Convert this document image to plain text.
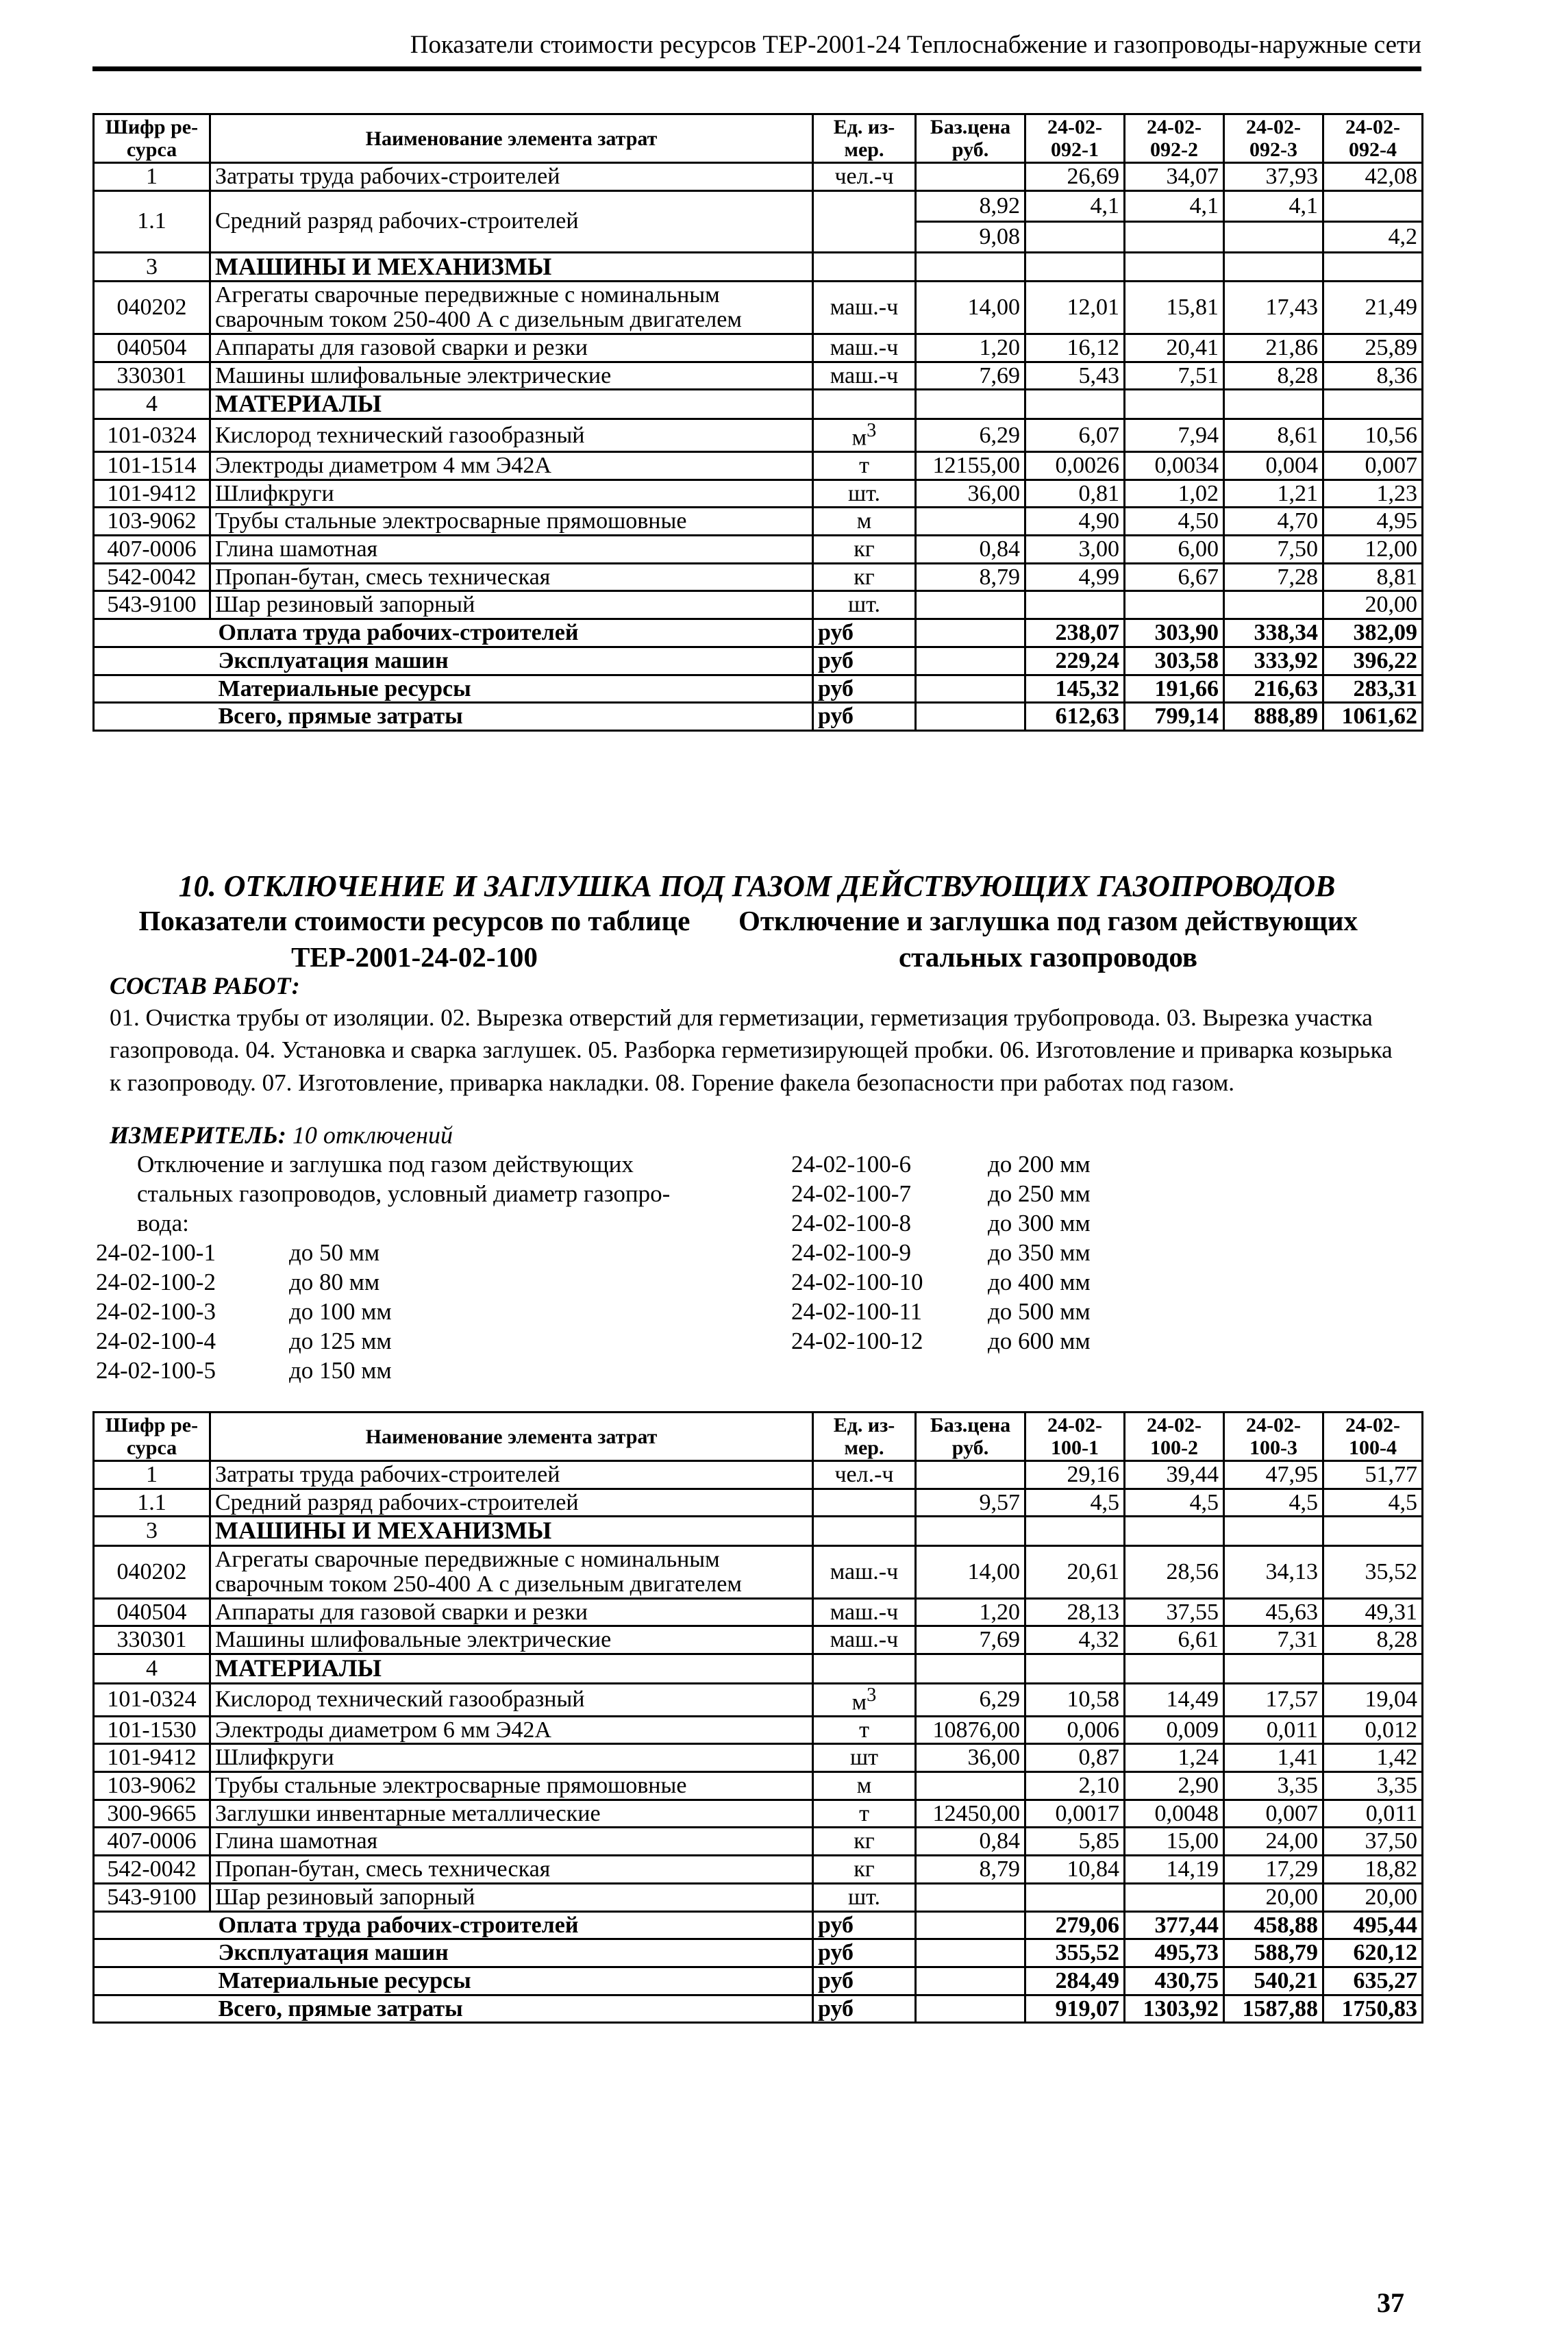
Показатели стоимости ресурсов ТЕР-2001-24 Теплоснабжение и газопроводы-наружные сети
Шифр ре-сурса	Наименование элемента затрат	Ед. из-мер.	Баз.цена руб.	24-02-092-1	24-02-092-2	24-02-092-3	24-02-092-4
1	Затраты труда рабочих-строителей	чел.-ч		26,69	34,07	37,93	42,08
1.1	Средний разряд рабочих-строителей		8,92	4,1	4,1	4,1	
			9,08				4,2
3	МАШИНЫ И МЕХАНИЗМЫ						
040202	Агрегаты сварочные передвижные с номинальным сварочным током 250-400 А с дизельным двигателем	маш.-ч	14,00	12,01	15,81	17,43	21,49
040504	Аппараты для газовой сварки и резки	маш.-ч	1,20	16,12	20,41	21,86	25,89
330301	Машины шлифовальные электрические	маш.-ч	7,69	5,43	7,51	8,28	8,36
4	МАТЕРИАЛЫ						
101-0324	Кислород технический газообразный	$м^3$	6,29	6,07	7,94	8,61	10,56
101-1514	Электроды диаметром 4 мм Э42А	т	12155,00	0,0026	0,0034	0,004	0,007
101-9412	Шлифкруги	шт.	36,00	0,81	1,02	1,21	1,23
103-9062	Трубы стальные электросварные прямошовные	м		4,90	4,50	4,70	4,95
407-0006	Глина шамотная	кг	0,84	3,00	6,00	7,50	12,00
542-0042	Пропан-бутан, смесь техническая	кг	8,79	4,99	6,67	7,28	8,81
543-9100	Шар резиновый запорный	шт.					20,00
	Оплата труда рабочих-строителей	руб		238,07	303,90	338,34	382,09
	Эксплуатация машин	руб		229,24	303,58	333,92	396,22
	Материальные ресурсы	руб		145,32	191,66	216,63	283,31
	Всего, прямые затраты	руб		612,63	799,14	888,89	1061,62
10. ОТКЛЮЧЕНИЕ И ЗАГЛУШКА ПОД ГАЗОМ ДЕЙСТВУЮЩИХ ГАЗОПРОВОДОВ
Показатели стоимости ресурсов по таблице
ТЕР-2001-24-02-100
Отключение и заглушка под газом действующих
стальных газопроводов
СОСТАВ РАБОТ:
01. Очистка трубы от изоляции. 02. Вырезка отверстий для герметизации, герметизация трубопровода. 03. Вырезка участка газопровода. 04. Установка и сварка заглушек. 05. Разборка герметизирующей пробки. 06. Изготовление и приварка козырька к газопроводу. 07. Изготовление, приварка накладки. 08. Горение факела безопасности при работах под газом.
ИЗМЕРИТЕЛЬ: 10 отключений
Отключение и заглушка под газом действующих
стальных газопроводов, условный диаметр газопро-
вода:
24-02-100-1	до 50 мм
24-02-100-2	до 80 мм
24-02-100-3	до 100 мм
24-02-100-4	до 125 мм
24-02-100-5	до 150 мм
24-02-100-6	до 200 мм
24-02-100-7	до 250 мм
24-02-100-8	до 300 мм
24-02-100-9	до 350 мм
24-02-100-10	до 400 мм
24-02-100-11	до 500 мм
24-02-100-12	до 600 мм
Шифр ре-сурса	Наименование элемента затрат	Ед. из-мер.	Баз.цена руб.	24-02-100-1	24-02-100-2	24-02-100-3	24-02-100-4
1	Затраты труда рабочих-строителей	чел.-ч		29,16	39,44	47,95	51,77
1.1	Средний разряд рабочих-строителей		9,57	4,5	4,5	4,5	4,5
3	МАШИНЫ И МЕХАНИЗМЫ						
040202	Агрегаты сварочные передвижные с номинальным сварочным током 250-400 А с дизельным двигателем	маш.-ч	14,00	20,61	28,56	34,13	35,52
040504	Аппараты для газовой сварки и резки	маш.-ч	1,20	28,13	37,55	45,63	49,31
330301	Машины шлифовальные электрические	маш.-ч	7,69	4,32	6,61	7,31	8,28
4	МАТЕРИАЛЫ						
101-0324	Кислород технический газообразный	$м^3$	6,29	10,58	14,49	17,57	19,04
101-1530	Электроды диаметром 6 мм Э42А	т	10876,00	0,006	0,009	0,011	0,012
101-9412	Шлифкруги	шт	36,00	0,87	1,24	1,41	1,42
103-9062	Трубы стальные электросварные прямошовные	м		2,10	2,90	3,35	3,35
300-9665	Заглушки инвентарные металлические	т	12450,00	0,0017	0,0048	0,007	0,011
407-0006	Глина шамотная	кг	0,84	5,85	15,00	24,00	37,50
542-0042	Пропан-бутан, смесь техническая	кг	8,79	10,84	14,19	17,29	18,82
543-9100	Шар резиновый запорный	шт.				20,00	20,00
	Оплата труда рабочих-строителей	руб		279,06	377,44	458,88	495,44
	Эксплуатация машин	руб		355,52	495,73	588,79	620,12
	Материальные ресурсы	руб		284,49	430,75	540,21	635,27
	Всего, прямые затраты	руб		919,07	1303,92	1587,88	1750,83
37
